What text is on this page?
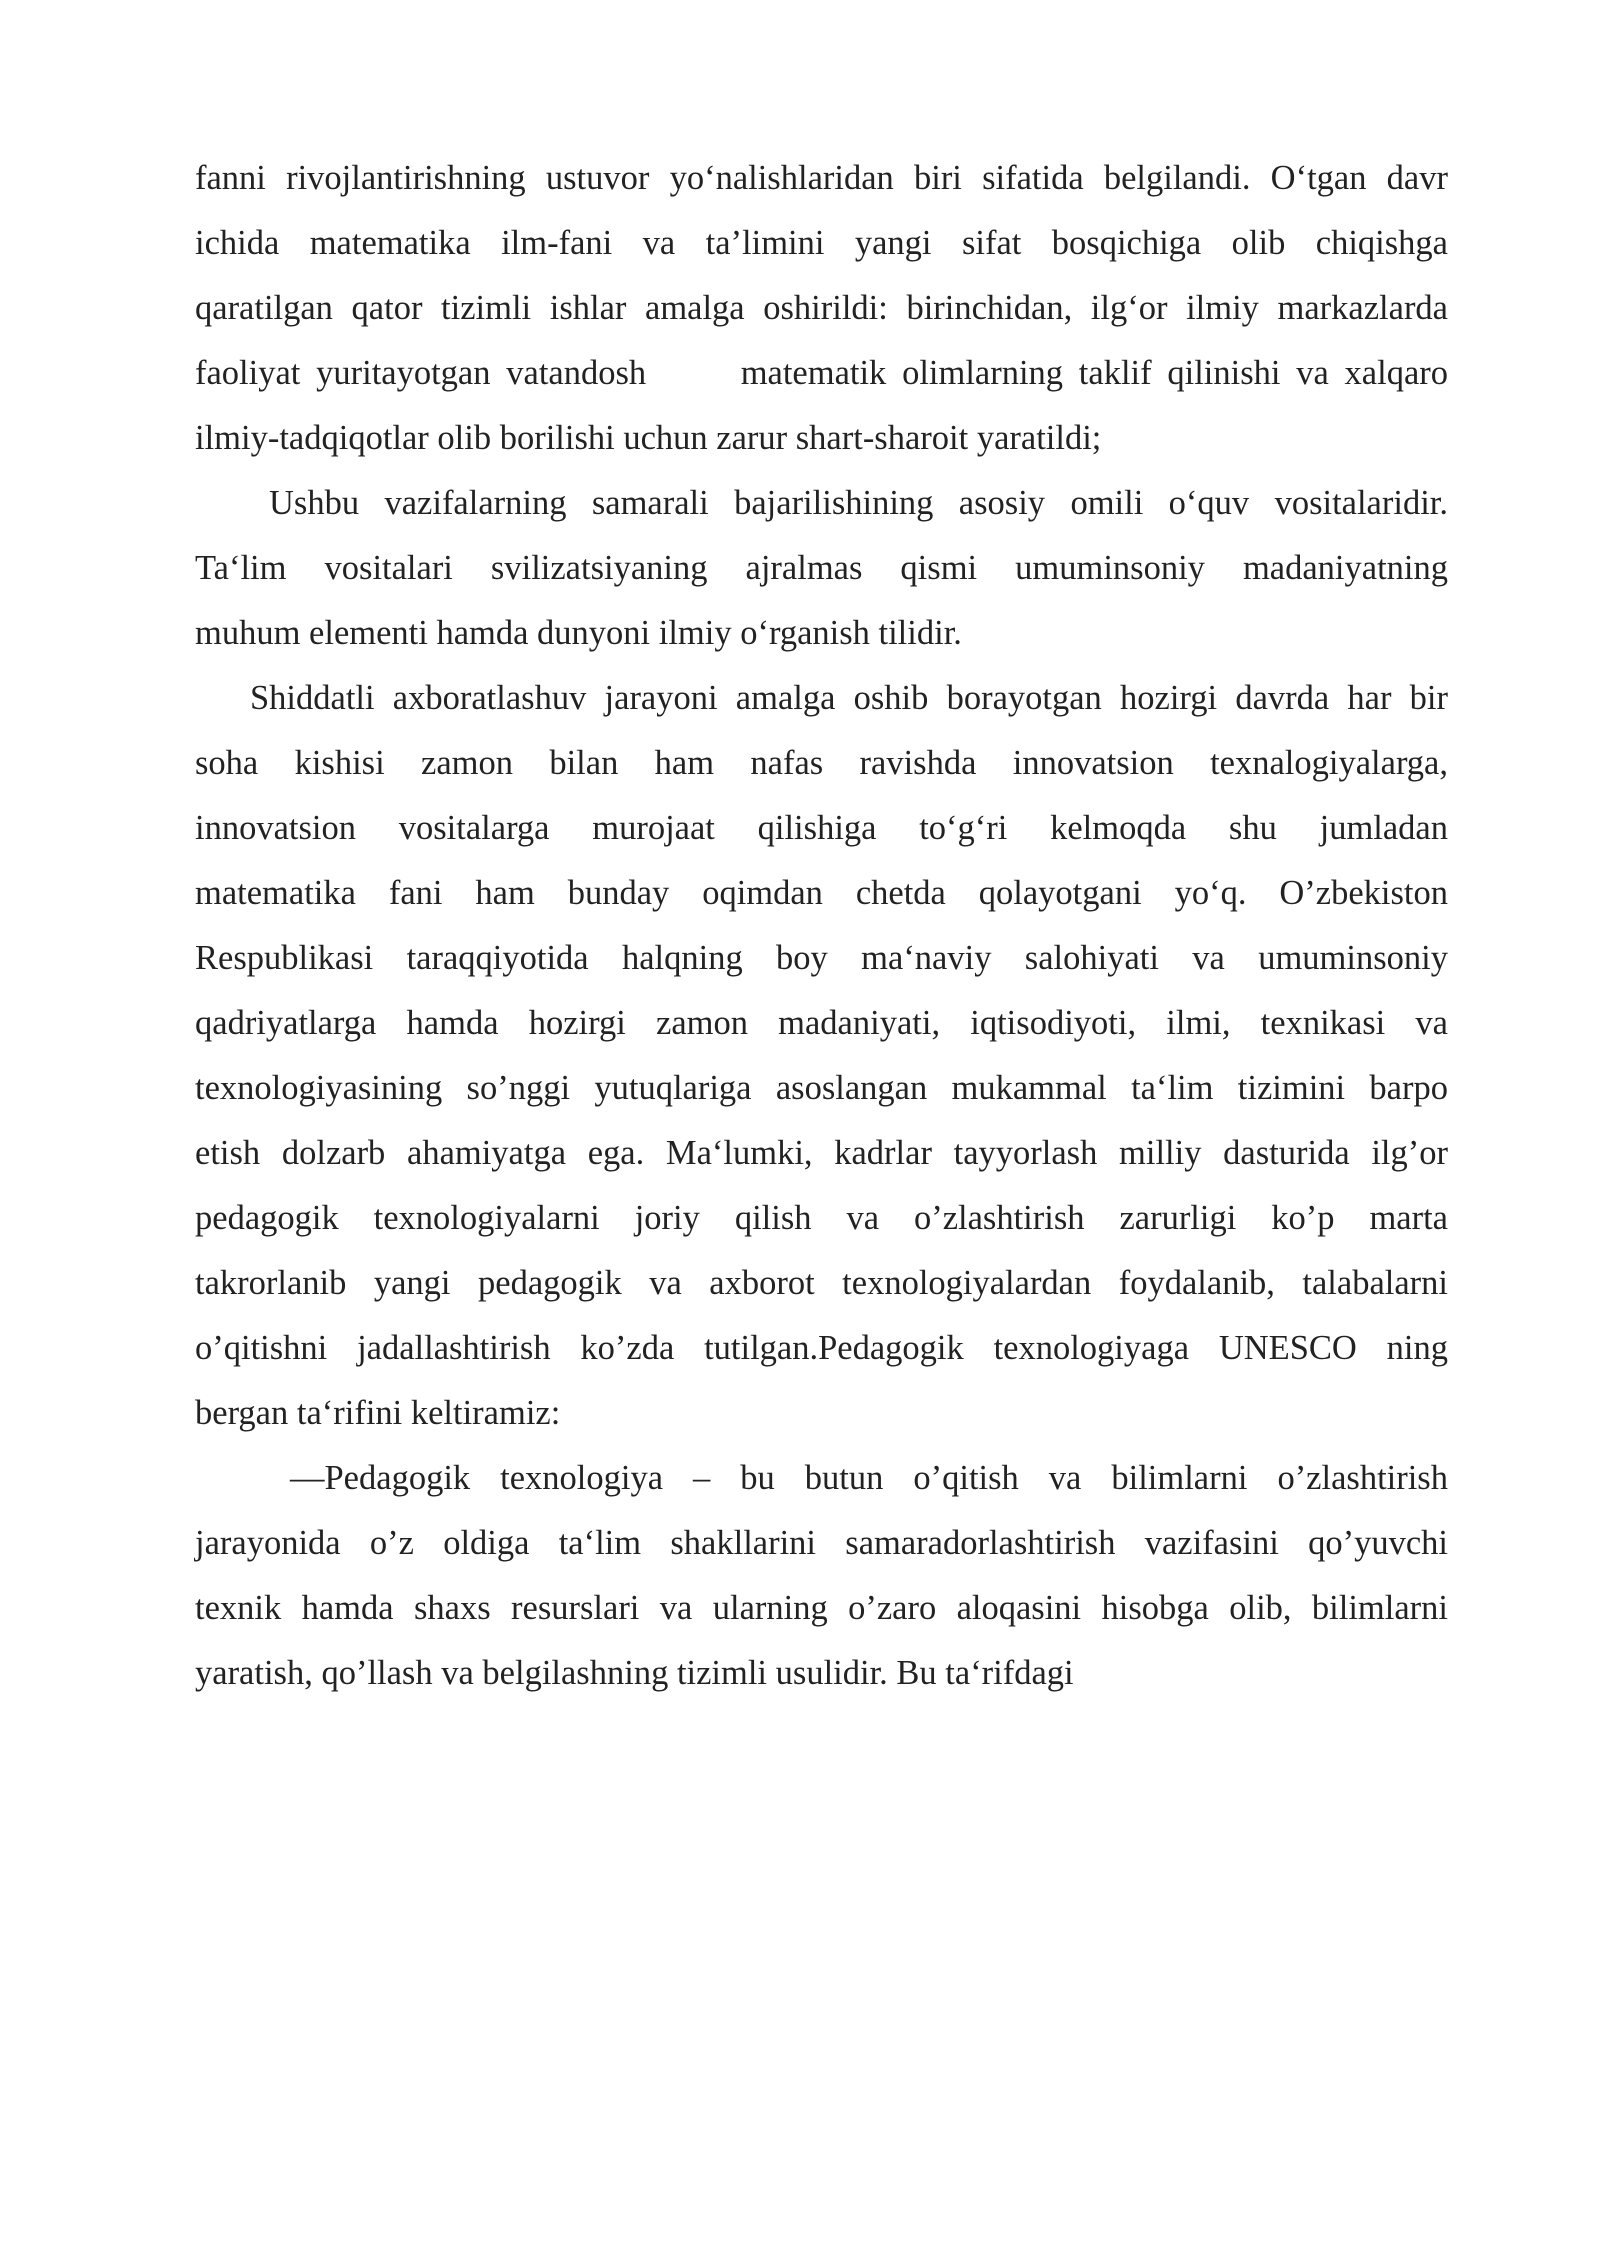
fanni rivojlantirishning ustuvor yo‘nalishlaridan biri sifatida belgilandi. O‘tgan davr
ichida matematika ilm-fani va ta’limini yangi sifat bosqichiga olib chiqishga
qaratilgan qator tizimli ishlar amalga oshirildi: birinchidan, ilg‘or ilmiy markazlarda
faoliyat yuritayotgan vatandosh      matematik olimlarning taklif qilinishi va xalqaro
ilmiy-tadqiqotlar olib borilishi uchun zarur shart-sharoit yaratildi;
Ushbu vazifalarning samarali bajarilishining asosiy omili o‘quv vositalaridir.
Ta‘lim vositalari svilizatsiyaning ajralmas qismi umuminsoniy madaniyatning
muhum elementi hamda dunyoni ilmiy o‘rganish tilidir.
Shiddatli axboratlashuv jarayoni amalga oshib borayotgan hozirgi davrda har bir
soha kishisi zamon bilan ham nafas ravishda innovatsion texnalogiyalarga,
innovatsion vositalarga murojaat qilishiga to‘g‘ri kelmoqda shu jumladan
matematika fani ham bunday oqimdan chetda qolayotgani yo‘q. O’zbekiston
Respublikasi taraqqiyotida halqning boy ma‘naviy salohiyati va umuminsoniy
qadriyatlarga hamda hozirgi zamon madaniyati, iqtisodiyoti, ilmi, texnikasi va
texnologiyasining so’nggi yutuqlariga asoslangan mukammal ta‘lim tizimini barpo
etish dolzarb ahamiyatga ega. Ma‘lumki, kadrlar tayyorlash milliy dasturida ilg’or
pedagogik texnologiyalarni joriy qilish va o’zlashtirish zarurligi ko’p marta
takrorlanib yangi pedagogik va axborot texnologiyalardan foydalanib, talabalarni
o’qitishni jadallashtirish ko’zda tutilgan.Pedagogik texnologiyaga UNESCO ning
bergan ta‘rifini keltiramiz:
—Pedagogik texnologiya – bu butun o’qitish va bilimlarni o’zlashtirish
jarayonida o’z oldiga ta‘lim shakllarini samaradorlashtirish vazifasini qo’yuvchi
texnik hamda shaxs resurslari va ularning o’zaro aloqasini hisobga olib, bilimlarni
yaratish, qo’llash va belgilashning tizimli usulidir. Bu ta‘rifdagi
